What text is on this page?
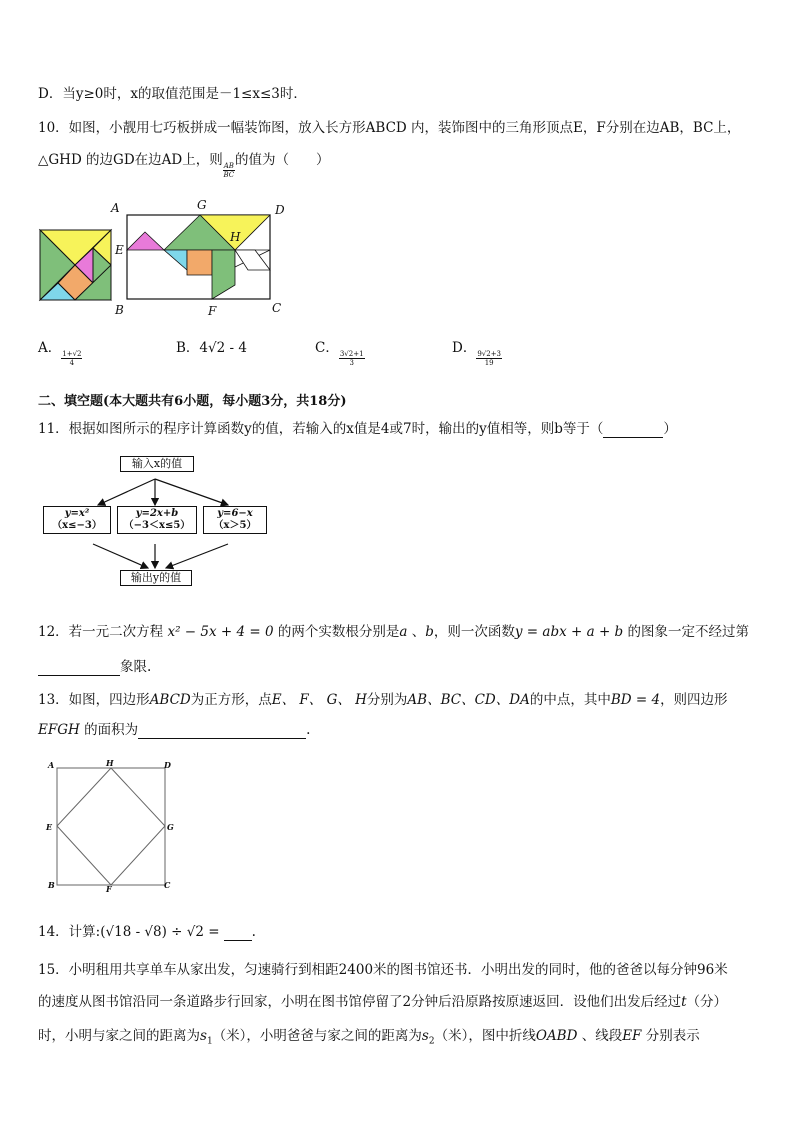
D．当y≥0时，x的取值范围是－1≤x≤3时．
10．如图，小靓用七巧板拼成一幅装饰图，放入长方形ABCD 内，装饰图中的三角形顶点E，F分别在边AB，BC上，
△GHD 的边GD在边AD上，则
$\frac{AB}{BC}$
的值为（　　）
A	G	D
E
H
B	F	C
A．
$\frac{1+√2}{4}$
B．4√2 - 4	C．
$\frac{3√2+1}{3}$
D．
$\frac{9√2+3}{19}$
二、填空题(本大题共有6小题，每小题3分，共18分)
11．根据如图所示的程序计算函数y的值，若输入的x值是4或7时，输出的y值相等，则b等于（	）
输入x的值
y=x²
（x≤−3）
y=2x+b
（−3＜x≤5）
y=6−x
（x＞5）
输出y的值
12．若一元二次方程 x² − 5x + 4 = 0 的两个实数根分别是a 、b，则一次函数y = abx + a + b 的图象一定不经过第
象限.
13．如图，四边形ABCD为正方形，点E、 F、 G、 H分别为AB、BC、CD、DA的中点，其中BD = 4，则四边形
EFGH 的面积为	.
A	H	D
E	G
B	F	C
14．计算:(√18 - √8) ÷ √2 = .
15．小明租用共享单车从家出发，匀速骑行到相距2400米的图书馆还书．小明出发的同时，他的爸爸以每分钟96米
的速度从图书馆沿同一条道路步行回家，小明在图书馆停留了2分钟后沿原路按原速返回．设他们出发后经过t（分）
时，小明与家之间的距离为$s_1$（米），小明爸爸与家之间的距离为$s_2$（米），图中折线OABD 、线段EF 分别表示
